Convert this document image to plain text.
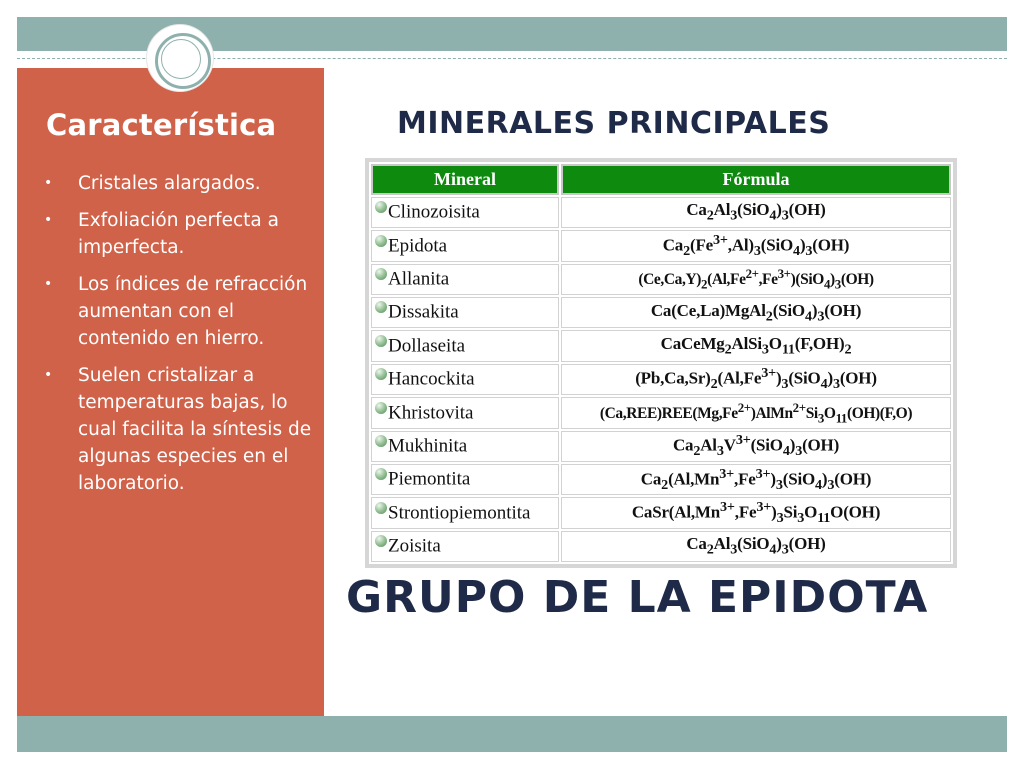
Característica
• Cristales alargados.
• Exfoliación perfecta a imperfecta.
• Los índices de refracción aumentan con el contenido en hierro.
• Suelen cristalizar a temperaturas bajas, lo cual facilita la síntesis de algunas especies en el laboratorio.
MINERALES PRINCIPALES
Mineral	Fórmula
Clinozoisita	$Ca_2Al_3(SiO_4)_3(OH)$
Epidota	$Ca_2(Fe^{3+},Al)_3(SiO_4)_3(OH)$
Allanita	$(Ce,Ca,Y)_2(Al,Fe^{2+},Fe^{3+})(SiO_4)_3(OH)$
Dissakita	$Ca(Ce,La)MgAl_2(SiO_4)_3(OH)$
Dollaseita	$CaCeMg_2AlSi_3O_{11}(F,OH)_2$
Hancockita	$(Pb,Ca,Sr)_2(Al,Fe^{3+})_3(SiO_4)_3(OH)$
Khristovita	$(Ca,REE)REE(Mg,Fe^{2+})AlMn^{2+}Si_3O_{11}(OH)(F,O)$
Mukhinita	$Ca_2Al_3V^{3+}(SiO_4)_3(OH)$
Piemontita	$Ca_2(Al,Mn^{3+},Fe^{3+})_3(SiO_4)_3(OH)$
Strontiopiemontita	$CaSr(Al,Mn^{3+},Fe^{3+})_3Si_3O_{11}O(OH)$
Zoisita	$Ca_2Al_3(SiO_4)_3(OH)$
GRUPO DE LA EPIDOTA
